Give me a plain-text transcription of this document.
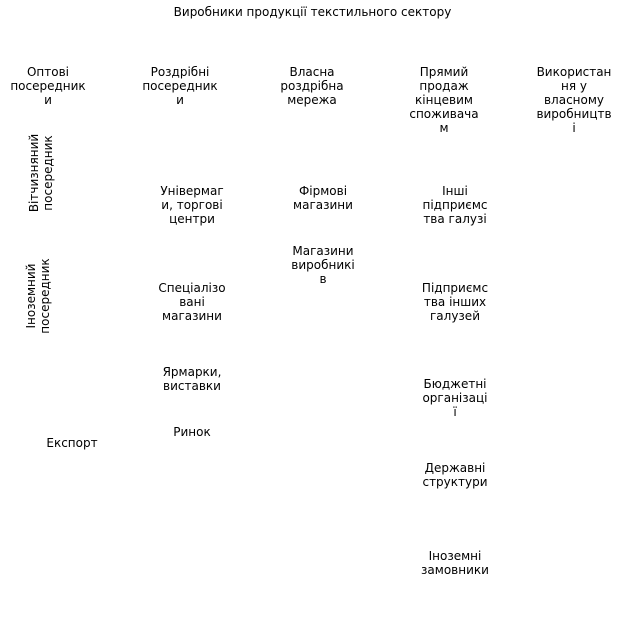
Виробники продукції текстильного сектору
Оптові
посередник
и
Роздрібні
посередник
и
Власна
роздрібна
мережа
Прямий
продаж
кінцевим
споживача
м
Використан
ня у
власному
виробництв
і
Вітчизняний
посередник
Іноземний
посередник
Експорт
Універмаг
и, торгові
центри
Спеціалізо
вані
магазини
Ярмарки,
виставки
Ринок
Фірмові
магазини
Магазини
виробникі
в
Інші
підприємс
тва галузі
Підприємс
тва інших
галузей
Бюджетні
організаці
ї
Державні
структури
Іноземні
замовники
